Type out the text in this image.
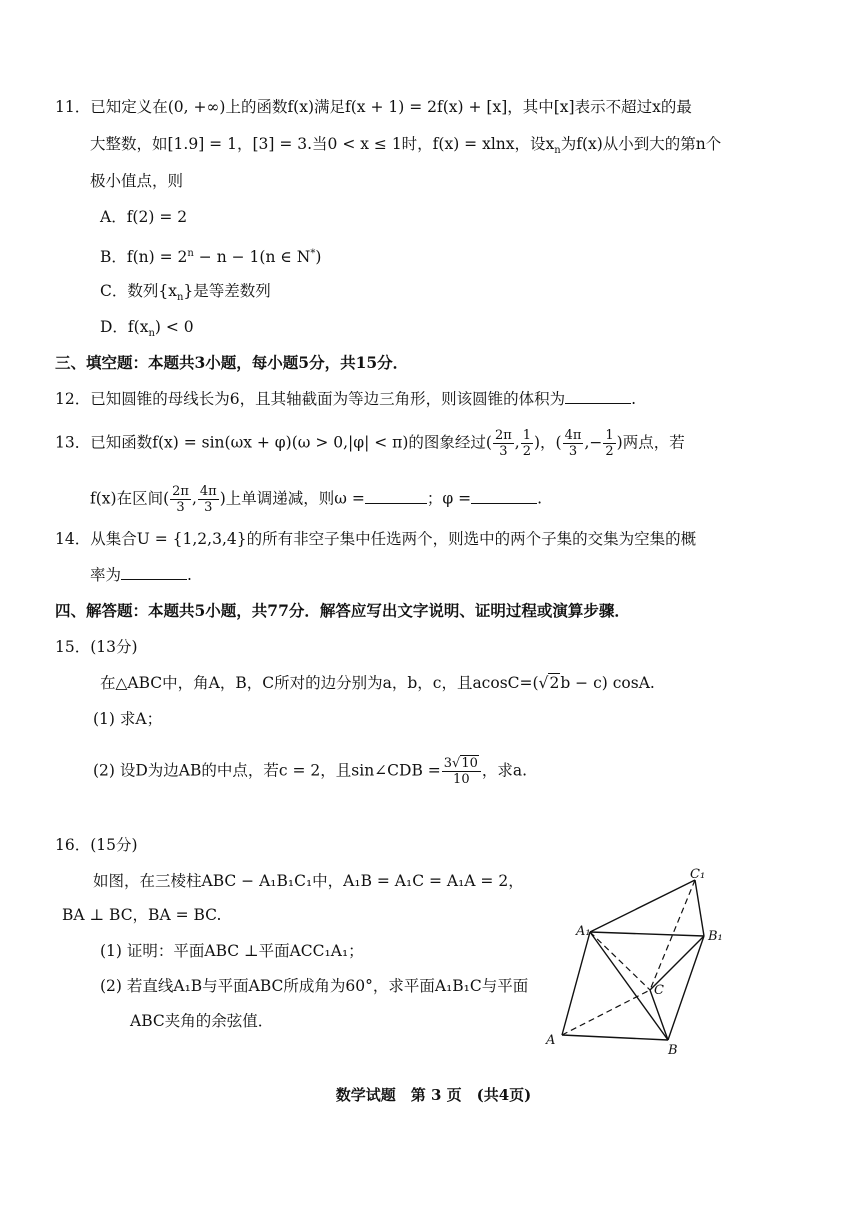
11．已知定义在(0, +∞)上的函数f(x)满足f(x + 1) = 2f(x) + [x]，其中[x]表示不超过x的最
大整数，如[1.9] = 1，[3] = 3.当0 < x ≤ 1时，f(x) = xlnx，设$x_n$为f(x)从小到大的第n个
极小值点，则
A．f(2) = 2
B．$f(n) = 2^n - n - 1(n$ ∈ N*)
C．数列$\{x_n\}$是等差数列
D．$f(x_n) < 0$
三、填空题：本题共3小题，每小题5分，共15分．
12．已知圆锥的母线长为6，且其轴截面为等边三角形，则该圆锥的体积为	.
13．已知函数f(x) = sin(ωx + φ)(ω > 0,|φ| < π)的图象经过( $\frac{2\pi}{3}$ , $\frac{1}{2}$ )，( $\frac{4\pi}{3}$ ,− $\frac{1}{2}$ )两点，若
f(x)在区间( $\frac{2\pi}{3}$ , $\frac{4\pi}{3}$ )上单调递减，则ω =	；φ =	.
14．从集合U = {1,2,3,4}的所有非空子集中任选两个，则选中的两个子集的交集为空集的概
率为	.
四、解答题：本题共5小题，共77分．解答应写出文字说明、证明过程或演算步骤．
15．(13分)
在△ABC中，角A，B，C所对的边分别为a，b，c，且acosC=(√2b − c) cosA.
(1) 求A；
(2) 设D为边AB的中点，若c = 2，且sin∠CDB = $\frac{3√10}{10}$ ，求a.
16．(15分)
如图，在三棱柱ABC − A₁B₁C₁中，A₁B = A₁C = A₁A = 2，
BA ⊥ BC，BA = BC.
(1) 证明：平面ABC ⊥平面ACC₁A₁；
(2) 若直线A₁B与平面ABC所成角为60°，求平面A₁B₁C与平面
ABC夹角的余弦值．
C₁
A₁	B₁
C
A
B
数学试题　第 3 页　(共4页)
